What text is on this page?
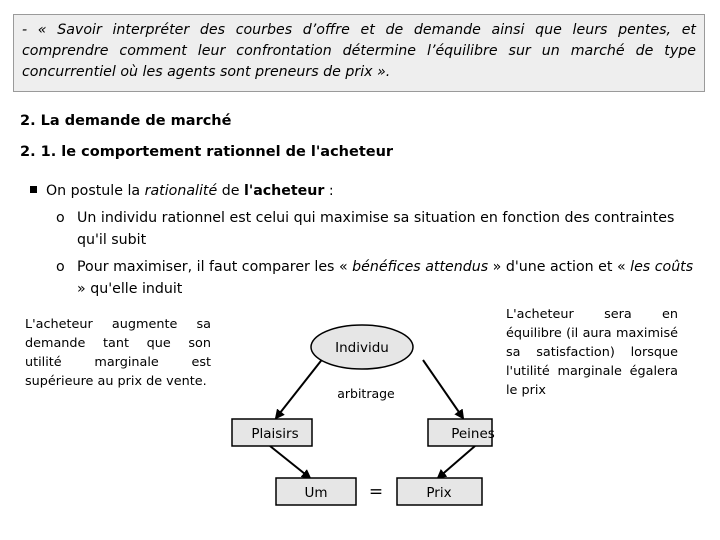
- « Savoir interpréter des courbes d’offre et de demande ainsi que leurs pentes, et comprendre comment leur confrontation détermine l’équilibre sur un marché de type concurrentiel où les agents sont preneurs de prix ».
2. La demande de marché
2. 1. le comportement rationnel de l'acheteur
On postule la rationalité de l'acheteur :
o Un individu rationnel est celui qui maximise sa situation en fonction des contraintes qu'il subit
o Pour maximiser, il faut comparer les « bénéfices attendus » d'une action et « les coûts » qu'elle induit
L'acheteur augmente sa demande tant que son utilité marginale est supérieure au prix de vente.
L'acheteur sera en équilibre (il aura maximisé sa satisfaction) lorsque l'utilité marginale égalera le prix
Individu
arbitrage
Plaisirs	Peines
Um =	Prix
